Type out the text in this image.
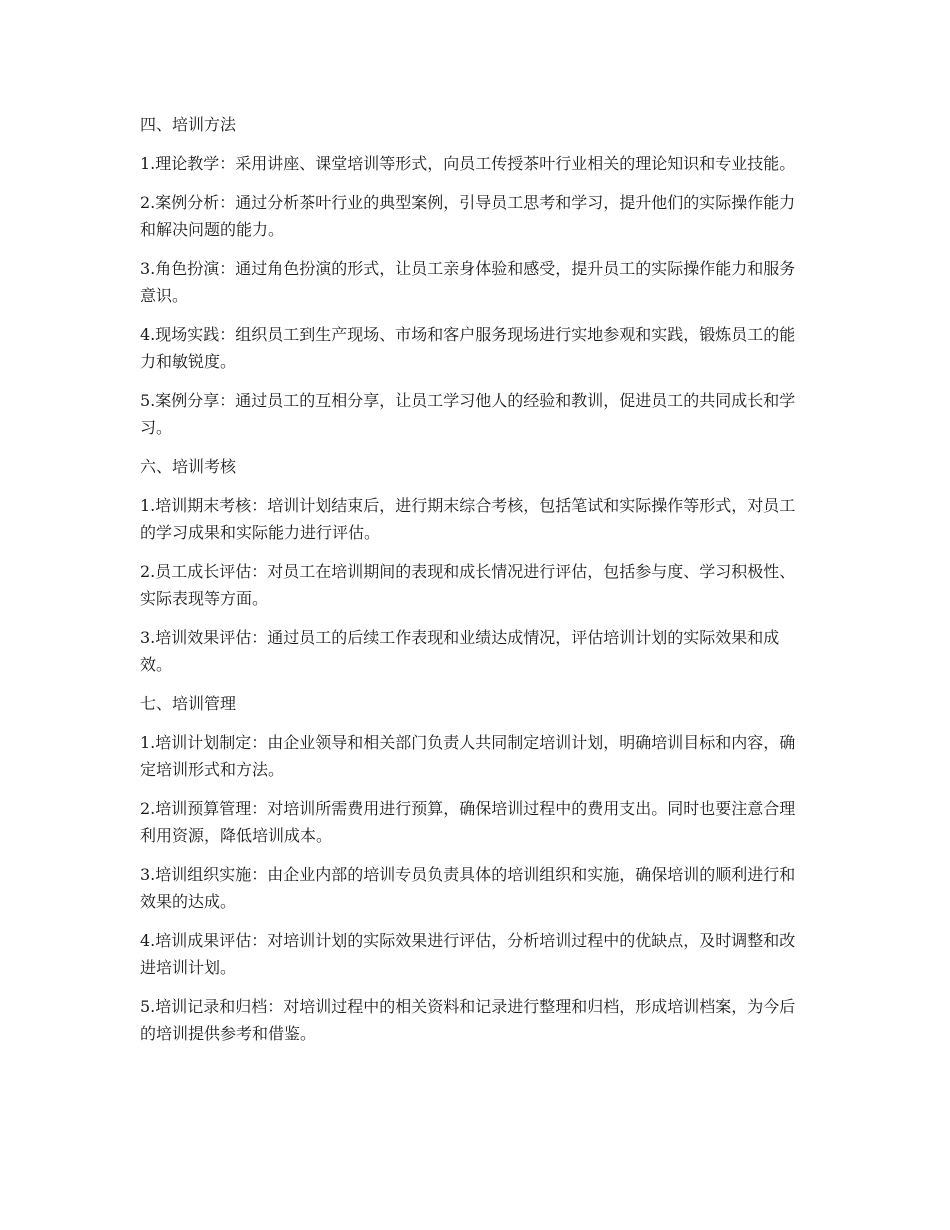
四、培训方法

1.理论教学：采用讲座、课堂培训等形式，向员工传授茶叶行业相关的理论知识和专业技能。

2.案例分析：通过分析茶叶行业的典型案例，引导员工思考和学习，提升他们的实际操作能力和解决问题的能力。

3.角色扮演：通过角色扮演的形式，让员工亲身体验和感受，提升员工的实际操作能力和服务意识。

4.现场实践：组织员工到生产现场、市场和客户服务现场进行实地参观和实践，锻炼员工的能力和敏锐度。

5.案例分享：通过员工的互相分享，让员工学习他人的经验和教训，促进员工的共同成长和学习。

六、培训考核

1.培训期末考核：培训计划结束后，进行期末综合考核，包括笔试和实际操作等形式，对员工的学习成果和实际能力进行评估。

2.员工成长评估：对员工在培训期间的表现和成长情况进行评估，包括参与度、学习积极性、实际表现等方面。

3.培训效果评估：通过员工的后续工作表现和业绩达成情况，评估培训计划的实际效果和成效。

七、培训管理

1.培训计划制定：由企业领导和相关部门负责人共同制定培训计划，明确培训目标和内容，确定培训形式和方法。

2.培训预算管理：对培训所需费用进行预算，确保培训过程中的费用支出。同时也要注意合理利用资源，降低培训成本。

3.培训组织实施：由企业内部的培训专员负责具体的培训组织和实施，确保培训的顺利进行和效果的达成。

4.培训成果评估：对培训计划的实际效果进行评估，分析培训过程中的优缺点，及时调整和改进培训计划。

5.培训记录和归档：对培训过程中的相关资料和记录进行整理和归档，形成培训档案，为今后的培训提供参考和借鉴。
